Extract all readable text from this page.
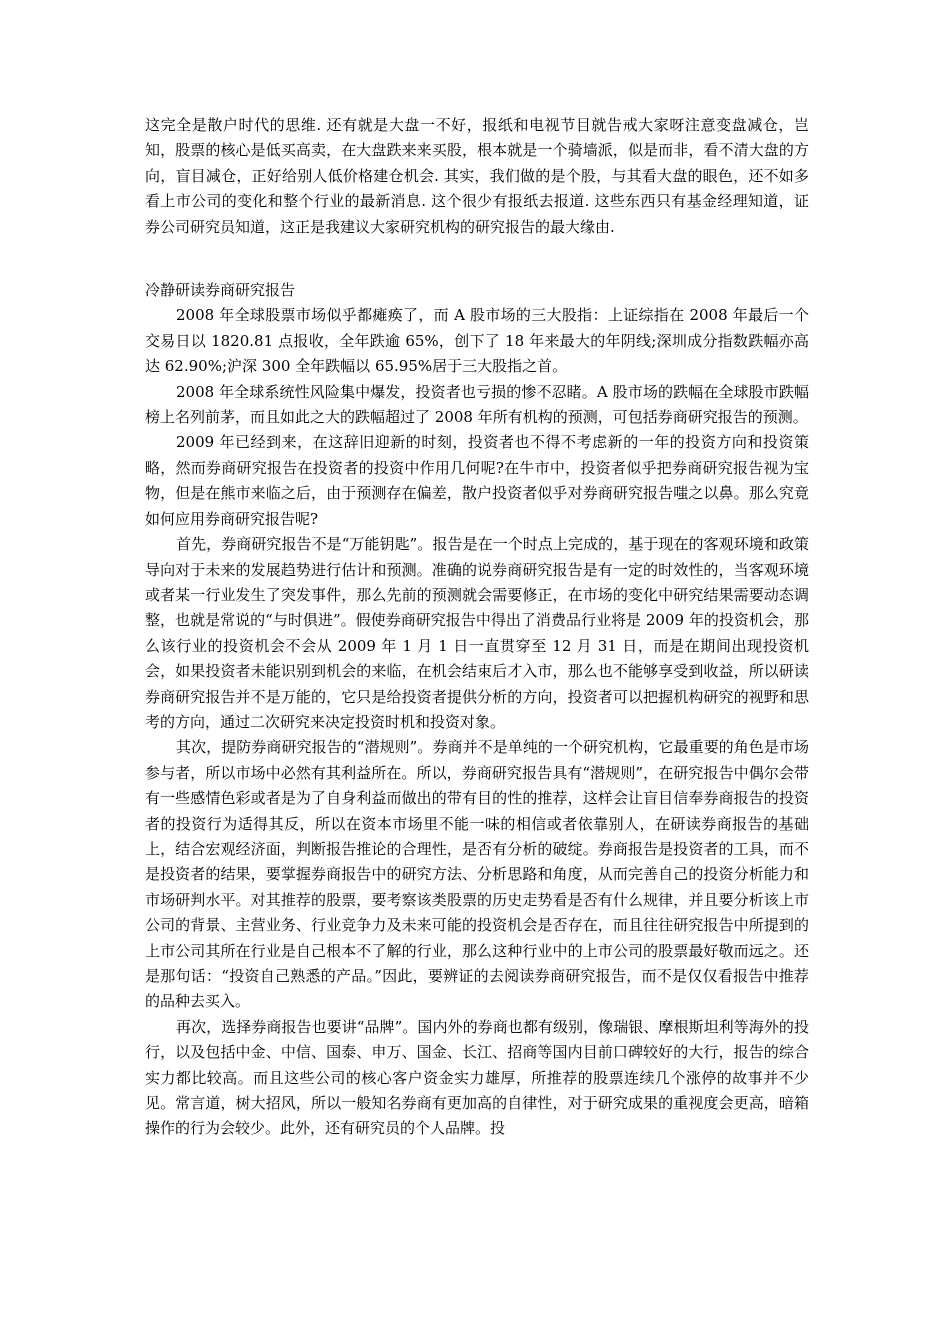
这完全是散户时代的思维. 还有就是大盘一不好，报纸和电视节目就告戒大家呀注意变盘减仓，岂知，股票的核心是低买高卖，在大盘跌来来买股，根本就是一个骑墙派，似是而非，看不清大盘的方向，盲目减仓，正好给别人低价格建仓机会. 其实，我们做的是个股，与其看大盘的眼色，还不如多看上市公司的变化和整个行业的最新消息. 这个很少有报纸去报道. 这些东西只有基金经理知道，证券公司研究员知道，这正是我建议大家研究机构的研究报告的最大缘由.

冷静研读券商研究报告

2008 年全球股票市场似乎都瘫痪了，而 A 股市场的三大股指：上证综指在 2008 年最后一个交易日以 1820.81 点报收，全年跌逾 65%，创下了 18 年来最大的年阴线;深圳成分指数跌幅亦高达 62.90%;沪深 300 全年跌幅以 65.95%居于三大股指之首。

2008 年全球系统性风险集中爆发，投资者也亏损的惨不忍睹。A 股市场的跌幅在全球股市跌幅榜上名列前茅，而且如此之大的跌幅超过了 2008 年所有机构的预测，可包括券商研究报告的预测。

2009 年已经到来，在这辞旧迎新的时刻，投资者也不得不考虑新的一年的投资方向和投资策略，然而券商研究报告在投资者的投资中作用几何呢?在牛市中，投资者似乎把券商研究报告视为宝物，但是在熊市来临之后，由于预测存在偏差，散户投资者似乎对券商研究报告嗤之以鼻。那么究竟如何应用券商研究报告呢?

首先，券商研究报告不是“万能钥匙”。报告是在一个时点上完成的，基于现在的客观环境和政策导向对于未来的发展趋势进行估计和预测。准确的说券商研究报告是有一定的时效性的，当客观环境或者某一行业发生了突发事件，那么先前的预测就会需要修正，在市场的变化中研究结果需要动态调整，也就是常说的“与时俱进”。假使券商研究报告中得出了消费品行业将是 2009 年的投资机会，那么该行业的投资机会不会从 2009 年 1 月 1 日一直贯穿至 12 月 31 日，而是在期间出现投资机会，如果投资者未能识别到机会的来临，在机会结束后才入市，那么也不能够享受到收益，所以研读券商研究报告并不是万能的，它只是给投资者提供分析的方向，投资者可以把握机构研究的视野和思考的方向，通过二次研究来决定投资时机和投资对象。

其次，提防券商研究报告的“潜规则”。券商并不是单纯的一个研究机构，它最重要的角色是市场参与者，所以市场中必然有其利益所在。所以，券商研究报告具有“潜规则”，在研究报告中偶尔会带有一些感情色彩或者是为了自身利益而做出的带有目的性的推荐，这样会让盲目信奉券商报告的投资者的投资行为适得其反，所以在资本市场里不能一味的相信或者依靠别人，在研读券商报告的基础上，结合宏观经济面，判断报告推论的合理性，是否有分析的破绽。券商报告是投资者的工具，而不是投资者的结果，要掌握券商报告中的研究方法、分析思路和角度，从而完善自己的投资分析能力和市场研判水平。对其推荐的股票，要考察该类股票的历史走势看是否有什么规律，并且要分析该上市公司的背景、主营业务、行业竞争力及未来可能的投资机会是否存在，而且往往研究报告中所提到的上市公司其所在行业是自己根本不了解的行业，那么这种行业中的上市公司的股票最好敬而远之。还是那句话：“投资自己熟悉的产品。”因此，要辨证的去阅读券商研究报告，而不是仅仅看报告中推荐的品种去买入。

再次，选择券商报告也要讲“品牌”。国内外的券商也都有级别，像瑞银、摩根斯坦利等海外的投行，以及包括中金、中信、国泰、申万、国金、长江、招商等国内目前口碑较好的大行，报告的综合实力都比较高。而且这些公司的核心客户资金实力雄厚，所推荐的股票连续几个涨停的故事并不少见。常言道，树大招风，所以一般知名券商有更加高的自律性，对于研究成果的重视度会更高，暗箱操作的行为会较少。此外，还有研究员的个人品牌。投
